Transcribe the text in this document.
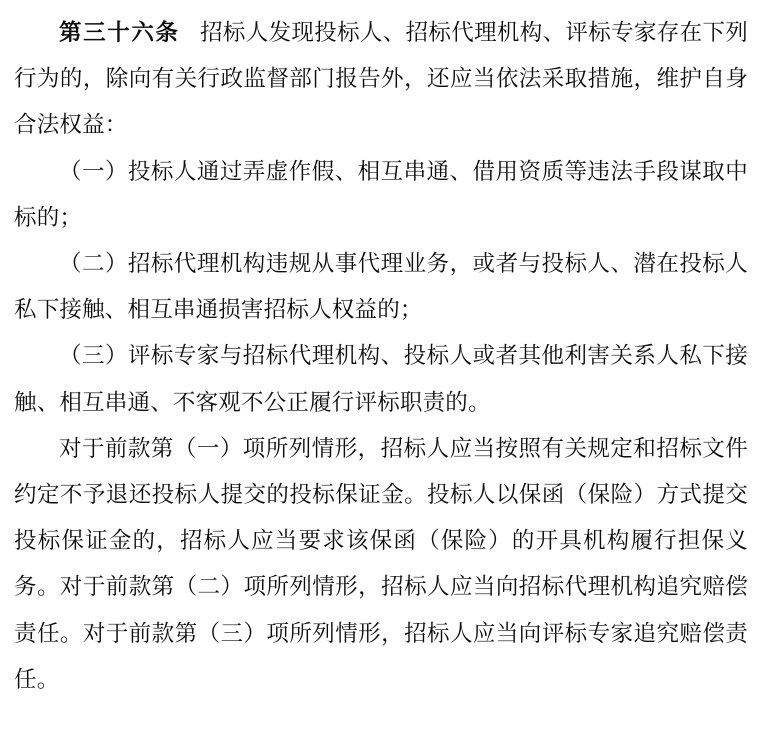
第三十六条 招标人发现投标人、招标代理机构、评标专家存在下列行为的，除向有关行政监督部门报告外，还应当依法采取措施，维护自身合法权益：

（一）投标人通过弄虚作假、相互串通、借用资质等违法手段谋取中标的；

（二）招标代理机构违规从事代理业务，或者与投标人、潜在投标人私下接触、相互串通损害招标人权益的；

（三）评标专家与招标代理机构、投标人或者其他利害关系人私下接触、相互串通、不客观不公正履行评标职责的。

对于前款第（一）项所列情形，招标人应当按照有关规定和招标文件约定不予退还投标人提交的投标保证金。投标人以保函（保险）方式提交投标保证金的，招标人应当要求该保函（保险）的开具机构履行担保义务。对于前款第（二）项所列情形，招标人应当向招标代理机构追究赔偿责任。对于前款第（三）项所列情形，招标人应当向评标专家追究赔偿责任。
